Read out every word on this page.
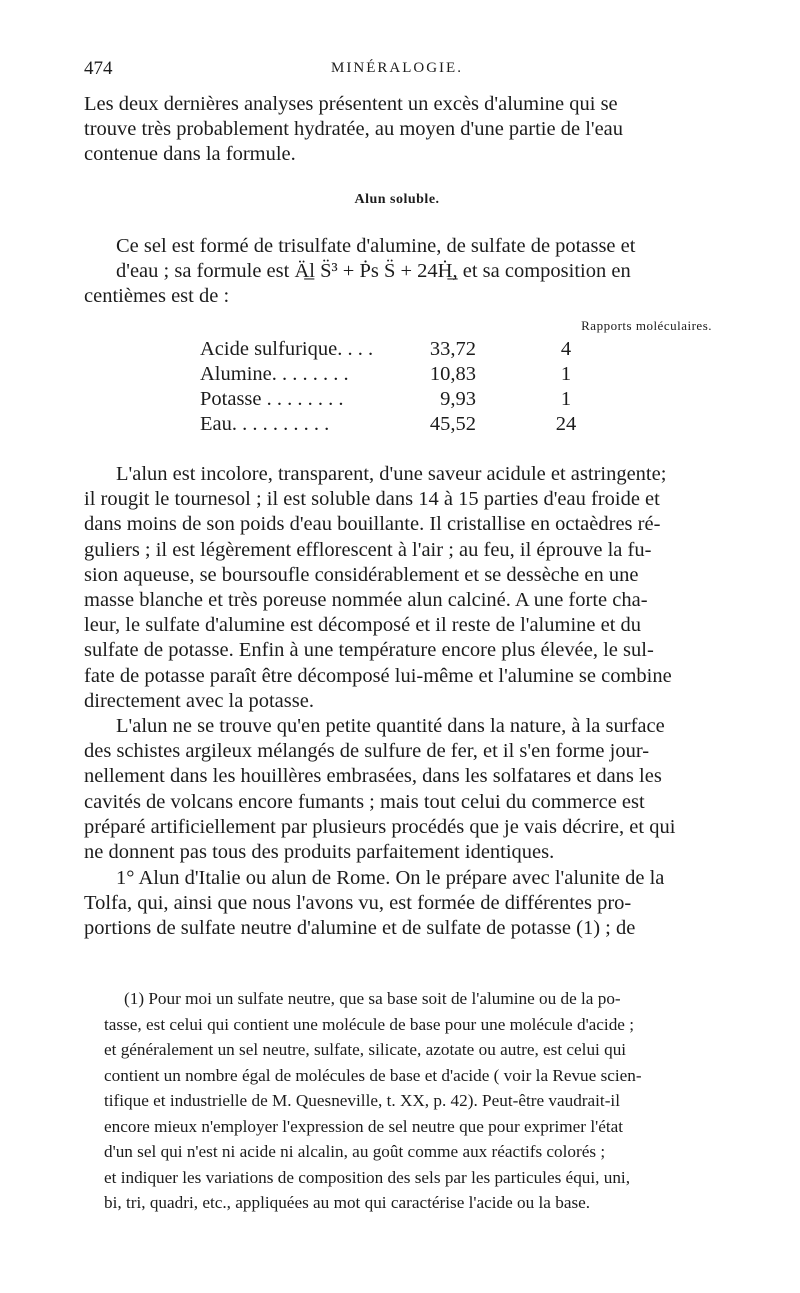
474	MINÉRALOGIE.

Les deux dernières analyses présentent un excès d'alumine qui se
trouve très probablement hydratée, au moyen d'une partie de l'eau
contenue dans la formule.

Alun soluble.

Ce sel est formé de trisulfate d'alumine, de sulfate de potasse et
d'eau ; sa formule est Ä̲l S̈³ + Ṗs S̈ + 24Ḣ̲, et sa composition en
centièmes est de :

Rapports moléculaires.
Acide sulfurique. . . .	33,72	4
Alumine. . . . . . . .	10,83	1
Potasse . . . . . . . .	9,93	1
Eau. . . . . . . . . .	45,52	24

L'alun est incolore, transparent, d'une saveur acidule et astringente;
il rougit le tournesol ; il est soluble dans 14 à 15 parties d'eau froide et
dans moins de son poids d'eau bouillante. Il cristallise en octaèdres ré-
guliers ; il est légèrement efflorescent à l'air ; au feu, il éprouve la fu-
sion aqueuse, se boursoufle considérablement et se dessèche en une
masse blanche et très poreuse nommée alun calciné. A une forte cha-
leur, le sulfate d'alumine est décomposé et il reste de l'alumine et du
sulfate de potasse. Enfin à une température encore plus élevée, le sul-
fate de potasse paraît être décomposé lui-même et l'alumine se combine
directement avec la potasse.

L'alun ne se trouve qu'en petite quantité dans la nature, à la surface
des schistes argileux mélangés de sulfure de fer, et il s'en forme jour-
nellement dans les houillères embrasées, dans les solfatares et dans les
cavités de volcans encore fumants ; mais tout celui du commerce est
préparé artificiellement par plusieurs procédés que je vais décrire, et qui
ne donnent pas tous des produits parfaitement identiques.

1° Alun d'Italie ou alun de Rome. On le prépare avec l'alunite de la
Tolfa, qui, ainsi que nous l'avons vu, est formée de différentes pro-
portions de sulfate neutre d'alumine et de sulfate de potasse (1) ; de

(1) Pour moi un sulfate neutre, que sa base soit de l'alumine ou de la po-
tasse, est celui qui contient une molécule de base pour une molécule d'acide ;
et généralement un sel neutre, sulfate, silicate, azotate ou autre, est celui qui
contient un nombre égal de molécules de base et d'acide ( voir la Revue scien-
tifique et industrielle de M. Quesneville, t. XX, p. 42). Peut-être vaudrait-il
encore mieux n'employer l'expression de sel neutre que pour exprimer l'état
d'un sel qui n'est ni acide ni alcalin, au goût comme aux réactifs colorés ;
et indiquer les variations de composition des sels par les particules équi, uni,
bi, tri, quadri, etc., appliquées au mot qui caractérise l'acide ou la base.
